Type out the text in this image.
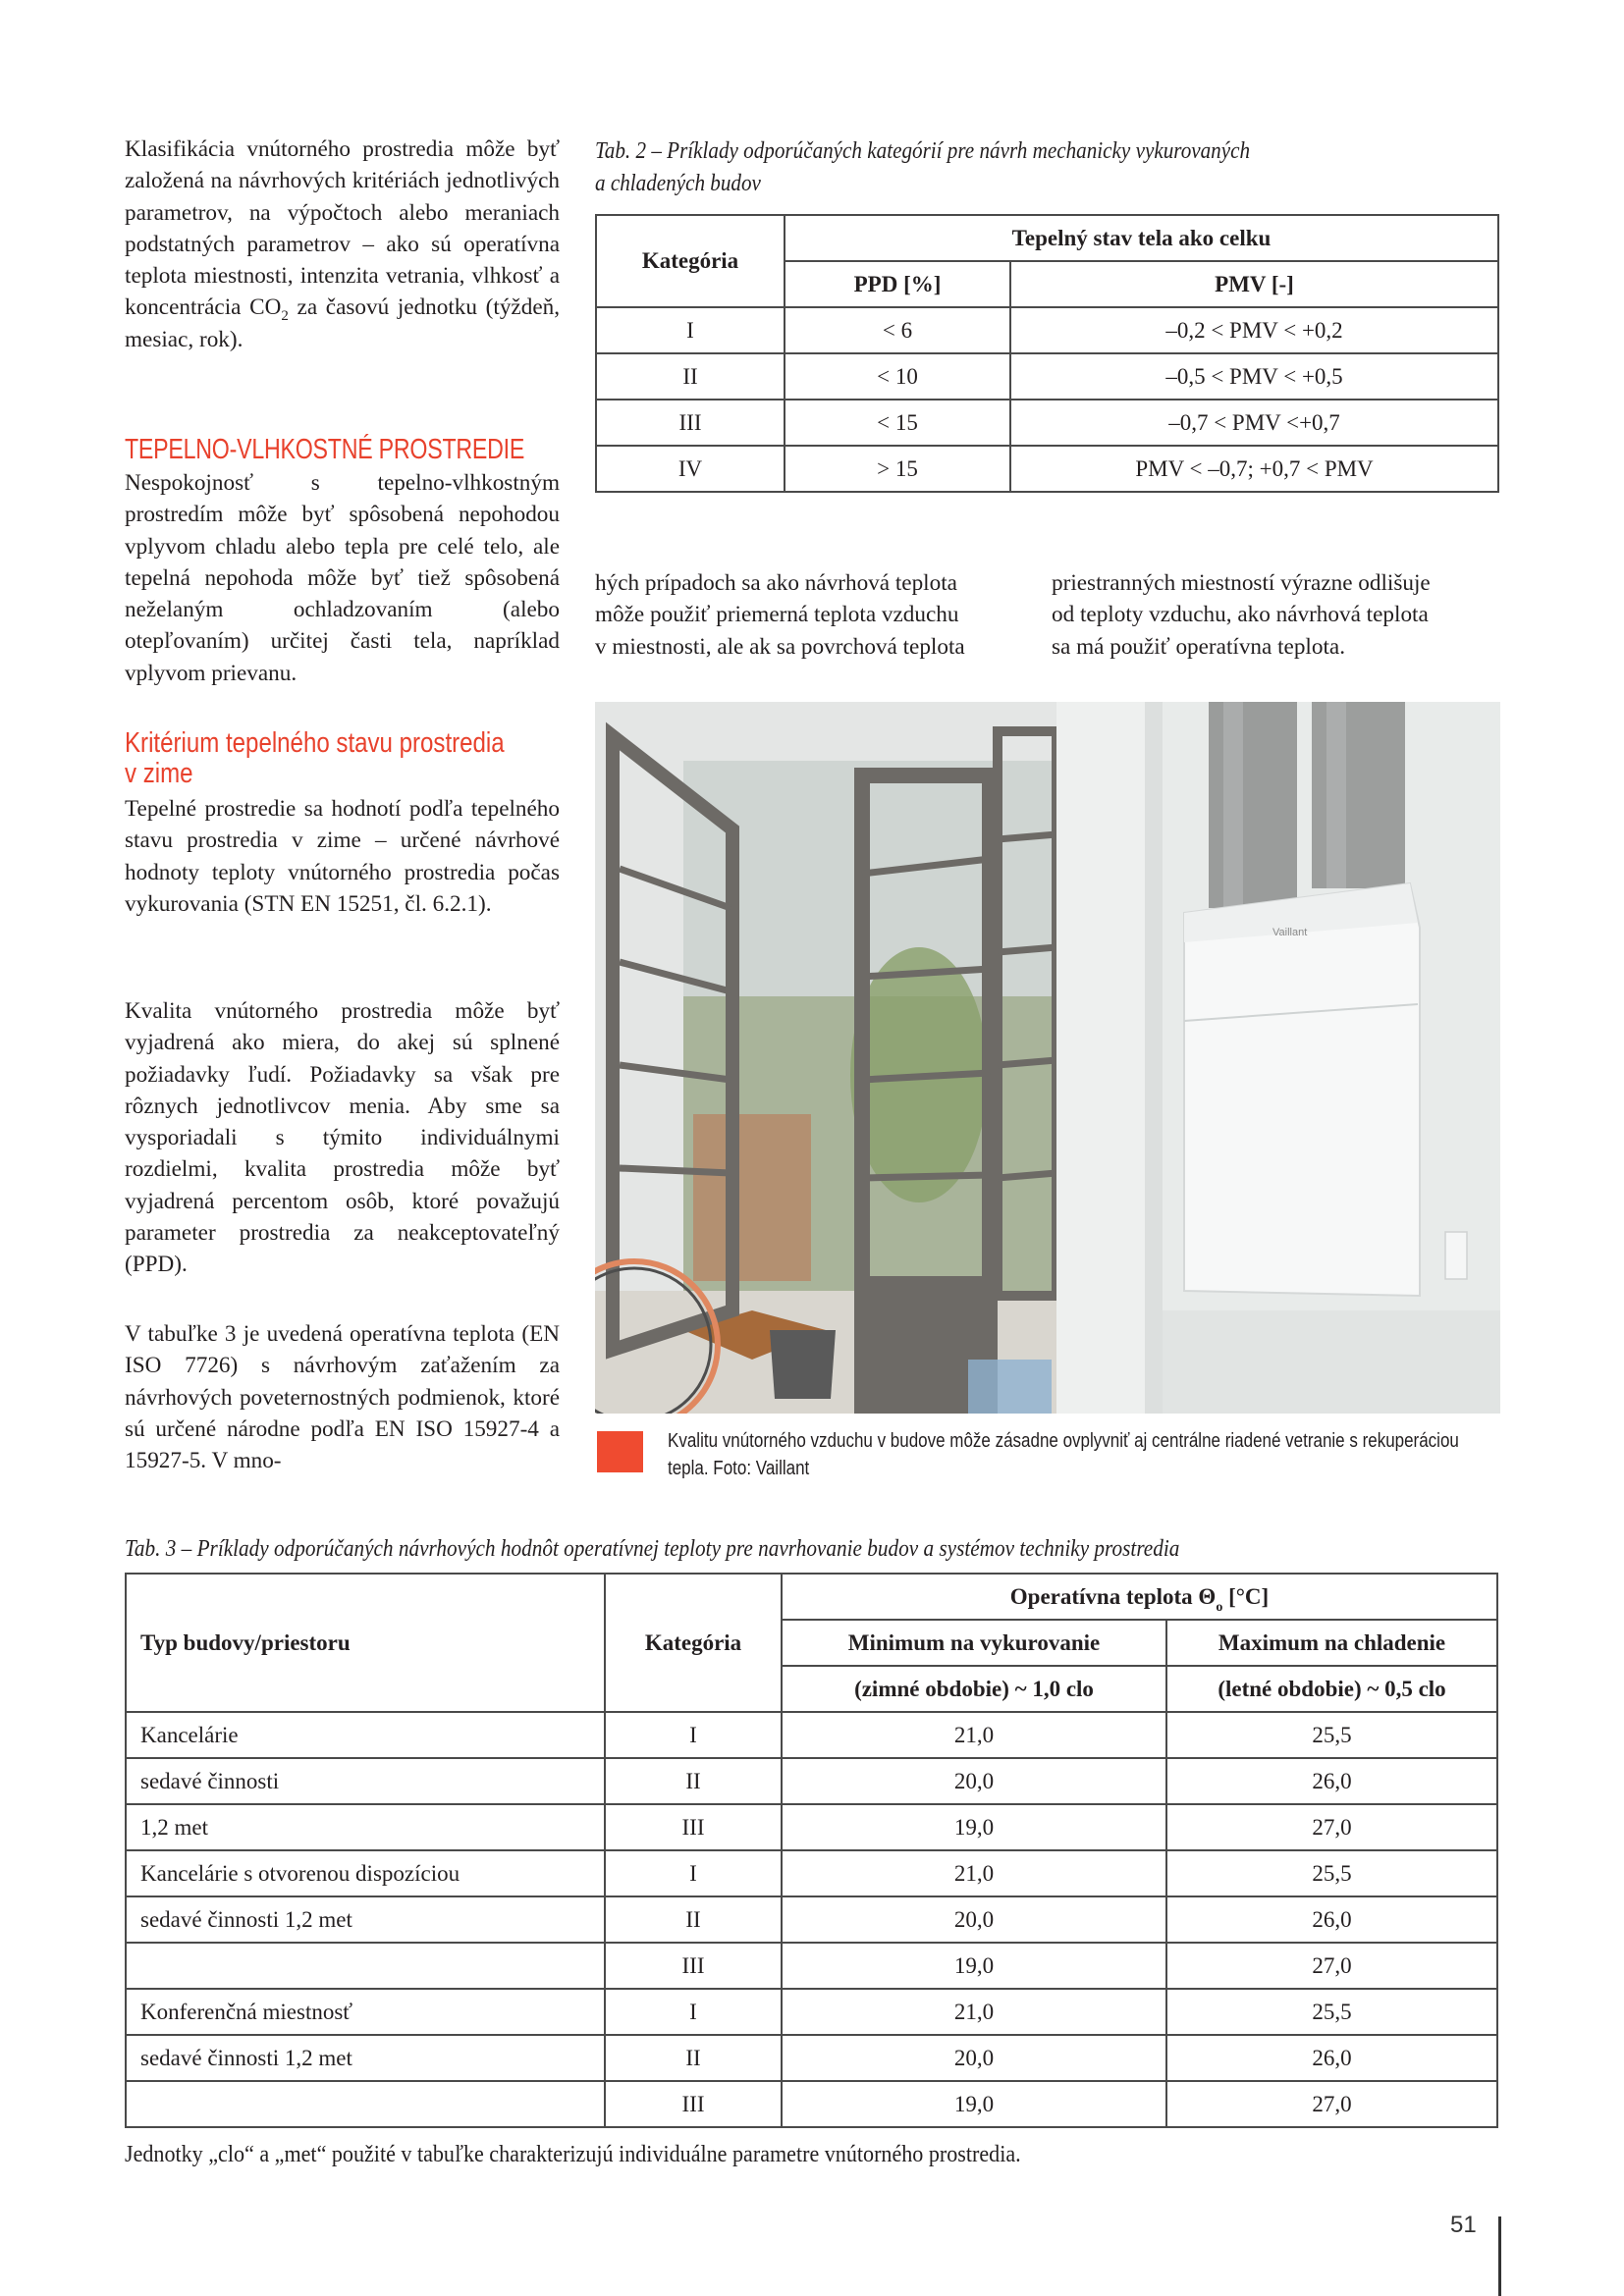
Klasifikácia vnútorného prostredia môže byť založená na návrhových kritériách jednotlivých parametrov, na výpočtoch alebo meraniach podstatných parametrov – ako sú operatívna teplota miestnosti, intenzita vetrania, vlhkosť a koncentrácia $CO_2$ za časovú jednotku (týždeň, mesiac, rok).

TEPELNO-VLHKOSTNÉ PROSTREDIE

Nespokojnosť s tepelno-vlhkostným prostredím môže byť spôsobená nepohodou vplyvom chladu alebo tepla pre celé telo, ale tepelná nepohoda môže byť tiež spôsobená neželaným ochladzovaním (alebo otepľovaním) určitej časti tela, napríklad vplyvom prievanu.

Kritérium tepelného stavu prostredia
v zime

Tepelné prostredie sa hodnotí podľa tepelného stavu prostredia v zime – určené návrhové hodnoty teploty vnútorného prostredia počas vykurovania (STN EN 15251, čl. 6.2.1).

Kvalita vnútorného prostredia môže byť vyjadrená ako miera, do akej sú splnené požiadavky ľudí. Požiadavky sa však pre rôznych jednotlivcov menia. Aby sme sa vysporiadali s týmito individuálnymi rozdielmi, kvalita prostredia môže byť vyjadrená percentom osôb, ktoré považujú parameter prostredia za neakceptovateľný (PPD).

V tabuľke 3 je uvedená operatívna teplota (EN ISO 7726) s návrhovým zaťažením za návrhových poveternostných podmienok, ktoré sú určené národne podľa EN ISO 15927-4 a 15927-5. V mno-

Tab. 2 – Príklady odporúčaných kategórií pre návrh mechanicky vykurovaných

a chladených budov

Kategória	Tepelný stav tela ako celku	
	PPD [%]	PMV [-]
I	< 6	–0,2 < PMV < +0,2
II	< 10	–0,5 < PMV < +0,5
III	< 15	–0,7 < PMV <+0,7
IV	> 15	PMV < –0,7; +0,7 < PMV
hých prípadoch sa ako návrhová teplota
môže použiť priemerná teplota vzduchu
v miestnosti, ale ak sa povrchová teplota
priestranných miestností výrazne odlišuje
od teploty vzduchu, ako návrhová teplota
sa má použiť operatívna teplota.
Vaillant
Kvalitu vnútorného vzduchu v budove môže zásadne ovplyvniť aj centrálne riadené vetranie s rekuperáciou
tepla. Foto: Vaillant

Tab. 3 – Príklady odporúčaných návrhových hodnôt operatívnej teploty pre navrhovanie budov a systémov techniky prostredia

Typ budovy/priestoru	Kategória	Operatívna teplota $\Theta_o$ [°C]	
		Minimum na vykurovanie	Maximum na chladenie
		(zimné obdobie) ~ 1,0 clo	(letné obdobie) ~ 0,5 clo
Kancelárie	I	21,0	25,5
sedavé činnosti	II	20,0	26,0
1,2 met	III	19,0	27,0
Kancelárie s otvorenou dispozíciou	I	21,0	25,5
sedavé činnosti 1,2 met	II	20,0	26,0
	III	19,0	27,0
Konferenčná miestnosť	I	21,0	25,5
sedavé činnosti 1,2 met	II	20,0	26,0
	III	19,0	27,0

Jednotky „clo“ a „met“ použité v tabuľke charakterizujú individuálne parametre vnútorného prostredia.

51
